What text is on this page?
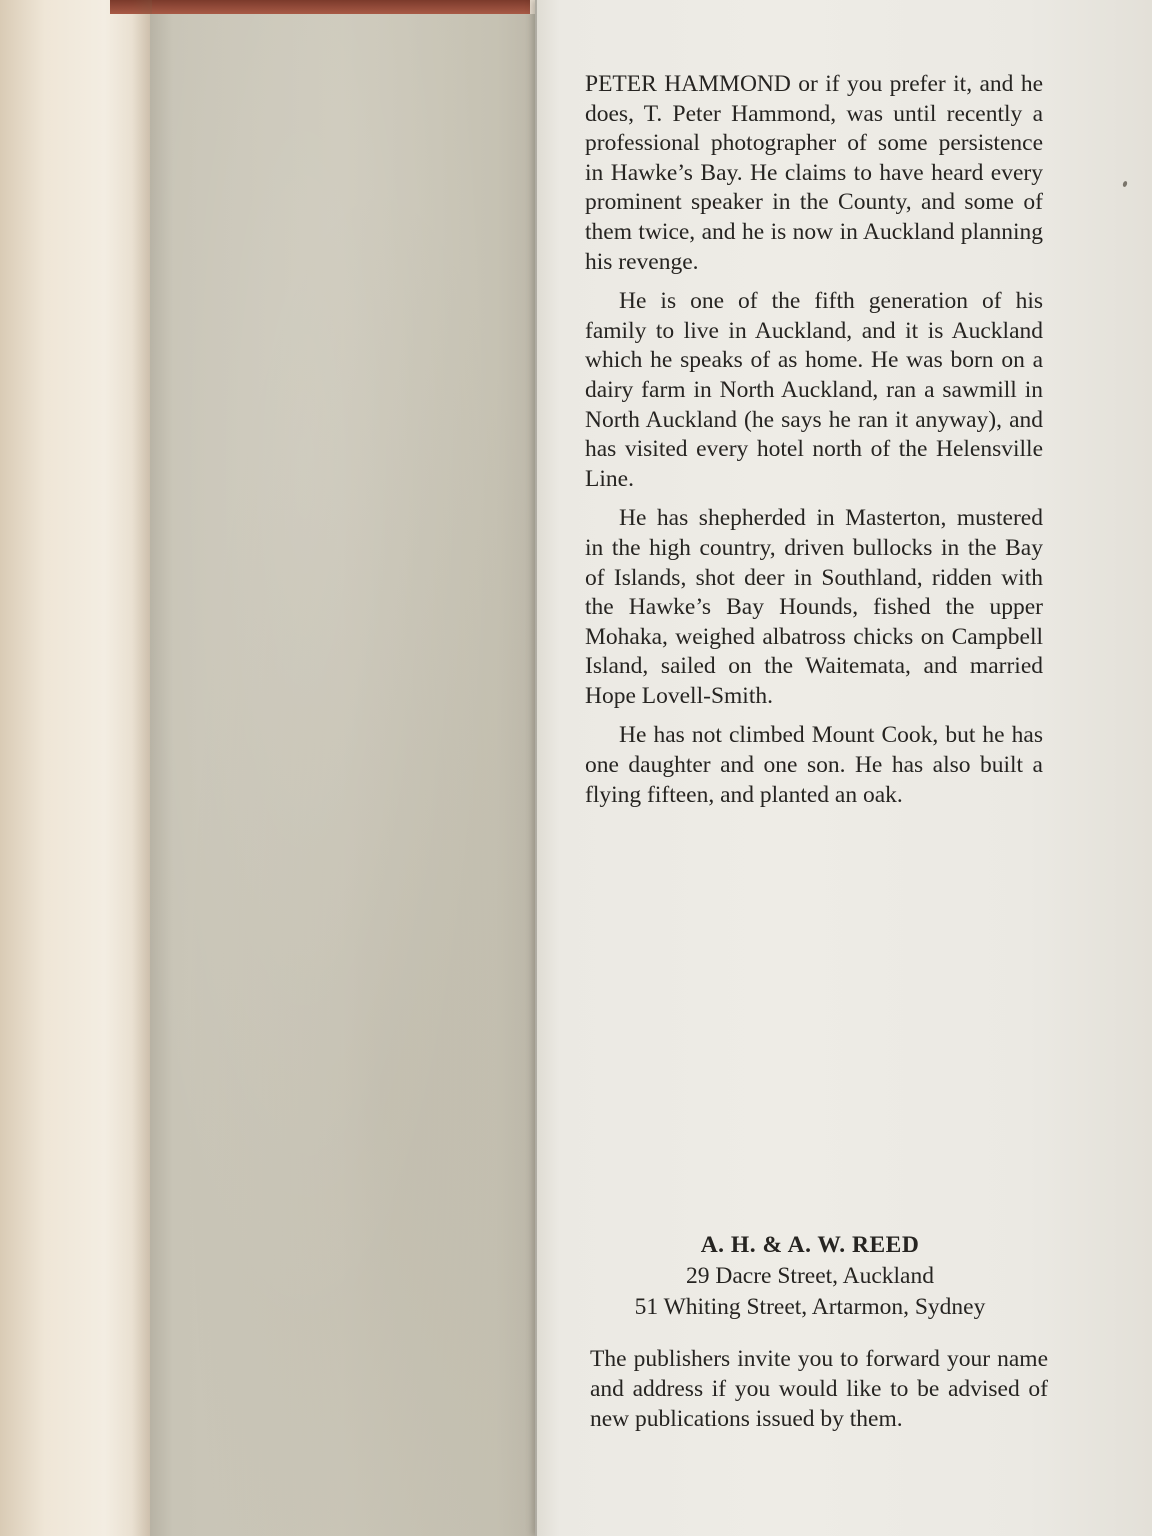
PETER HAMMOND or if you prefer it, and he does, T. Peter Hammond, was until recently a professional photographer of some persistence in Hawke’s Bay. He claims to have heard every prominent speaker in the County, and some of them twice, and he is now in Auckland planning his revenge.

He is one of the fifth generation of his family to live in Auckland, and it is Auckland which he speaks of as home. He was born on a dairy farm in North Auckland, ran a sawmill in North Auckland (he says he ran it anyway), and has visited every hotel north of the Helensville Line.

He has shepherded in Masterton, mustered in the high country, driven bullocks in the Bay of Islands, shot deer in Southland, ridden with the Hawke’s Bay Hounds, fished the upper Mohaka, weighed albatross chicks on Campbell Island, sailed on the Waitemata, and married Hope Lovell-Smith.

He has not climbed Mount Cook, but he has one daughter and one son. He has also built a flying fifteen, and planted an oak.

A. H. & A. W. REED
29 Dacre Street, Auckland
51 Whiting Street, Artarmon, Sydney
The publishers invite you to forward your name and address if you would like to be advised of new publications issued by them.
